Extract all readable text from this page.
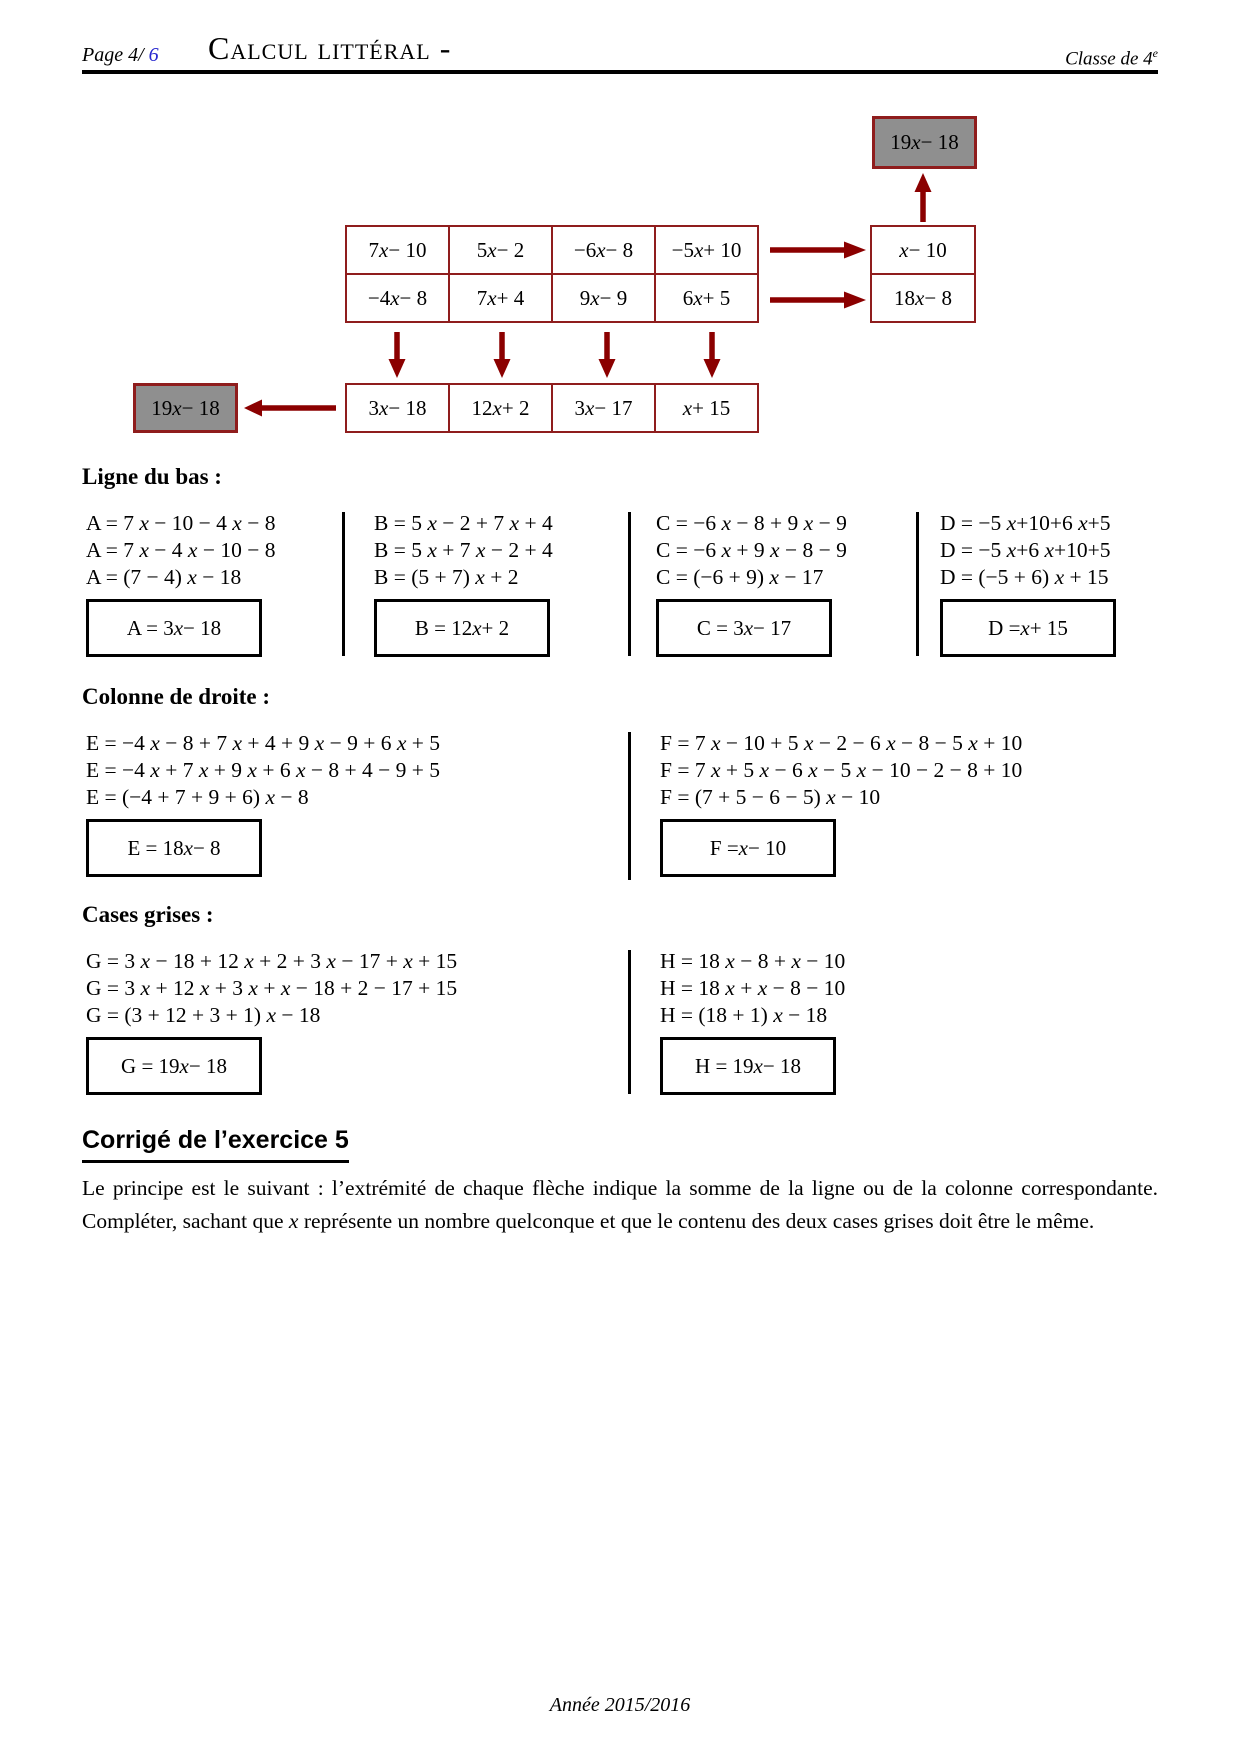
Page 4/ 6 Calcul littéral -	Classe de 4e
19 x − 18
7 x − 10	5 x − 2	−6 x − 8	−5 x + 10
−4 x − 8	7 x + 4	9 x − 9	6 x + 5
x − 10
18 x − 8
3 x − 18	12 x + 2	3 x − 17	x + 15
19 x − 18
Ligne du bas :
A = 7 x − 10 − 4 x − 8
A = 7 x − 4 x − 10 − 8
A = (7 − 4) x − 18
A = 3 x − 18
B = 5 x − 2 + 7 x + 4
B = 5 x + 7 x − 2 + 4
B = (5 + 7) x + 2
B = 12 x + 2
C = −6 x − 8 + 9 x − 9
C = −6 x + 9 x − 8 − 9
C = (−6 + 9) x − 17
C = 3 x − 17
D = −5 x+10+6 x+5
D = −5 x+6 x+10+5
D = (−5 + 6) x + 15
D = x + 15
Colonne de droite :
E = −4 x − 8 + 7 x + 4 + 9 x − 9 + 6 x + 5
E = −4 x + 7 x + 9 x + 6 x − 8 + 4 − 9 + 5
E = (−4 + 7 + 9 + 6) x − 8
E = 18 x − 8
F = 7 x − 10 + 5 x − 2 − 6 x − 8 − 5 x + 10
F = 7 x + 5 x − 6 x − 5 x − 10 − 2 − 8 + 10
F = (7 + 5 − 6 − 5) x − 10
F = x − 10
Cases grises :
G = 3 x − 18 + 12 x + 2 + 3 x − 17 + x + 15
G = 3 x + 12 x + 3 x + x − 18 + 2 − 17 + 15
G = (3 + 12 + 3 + 1) x − 18
G = 19 x − 18
H = 18 x − 8 + x − 10
H = 18 x + x − 8 − 10
H = (18 + 1) x − 18
H = 19 x − 18
Corrigé de l’exercice 5
Le principe est le suivant : l’extrémité de chaque flèche indique la somme de la ligne ou de la colonne correspondante. Compléter, sachant que x représente un nombre quelconque et que le contenu des deux cases grises doit être le même.
Année 2015/2016
